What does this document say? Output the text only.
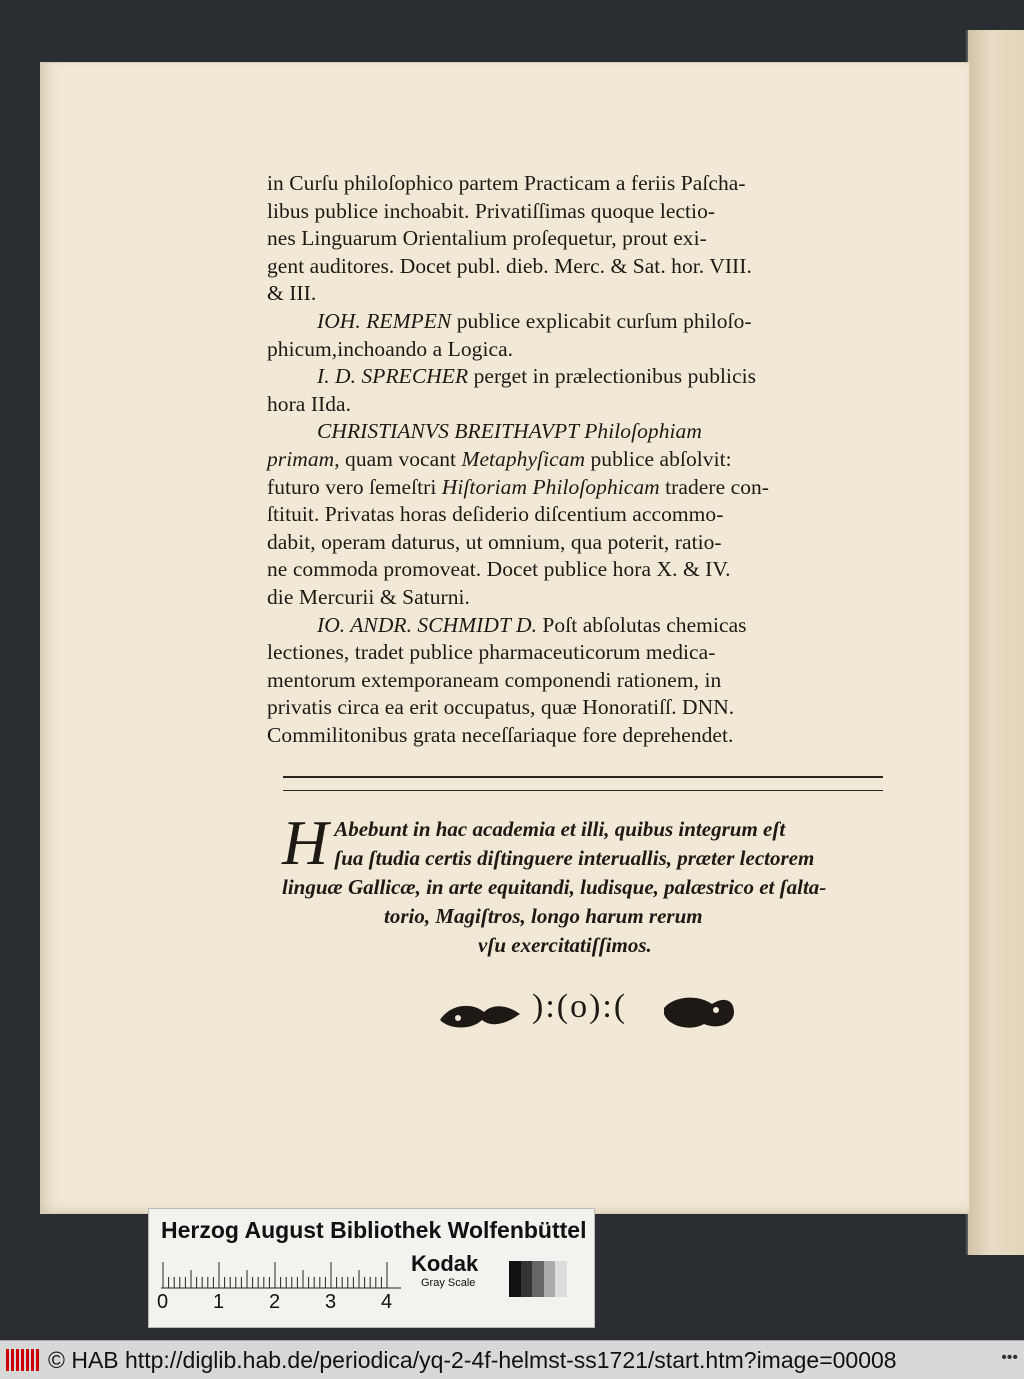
in Curſu philoſophico partem Practicam a feriis Paſcha-
libus publice inchoabit. Privatiſſimas quoque lectio-
nes Linguarum Orientalium proſequetur, prout exi-
gent auditores. Docet publ. dieb. Merc. & Sat. hor. VIII.
& III.

IOH. REMPEN publice explicabit curſum philoſo-
phicum,inchoando a Logica.

I. D. SPRECHER perget in prælectionibus publicis
hora IIda.

CHRISTIANVS BREITHAVPT Philoſophiam
primam, quam vocant Metaphyſicam publice abſolvit:
futuro vero ſemeſtri Hiſtoriam Philoſophicam tradere con-
ſtituit. Privatas horas deſiderio diſcentium accommo-
dabit, operam daturus, ut omnium, qua poterit, ratio-
ne commoda promoveat. Docet publice hora X. & IV.
die Mercurii & Saturni.

IO. ANDR. SCHMIDT D. Poſt abſolutas chemicas
lectiones, tradet publice pharmaceuticorum medica-
mentorum extemporaneam componendi rationem, in
privatis circa ea erit occupatus, quæ Honoratiſſ. DNN.
Commilitonibus grata neceſſariaque fore deprehendet.

H Abebunt in hac academia et illi, quibus integrum eſt
ſua ſtudia certis diſtinguere interuallis, præter lectorem
linguæ Gallicæ, in arte equitandi, ludisque, palæstrico et ſalta-
torio, Magiſtros, longo harum rerum
vſu exercitatiſſimos.
):(o):(
Herzog August Bibliothek Wolfenbüttel
0 1 2 3 4
Kodak
Gray Scale
© HAB http://diglib.hab.de/periodica/yq-2-4f-helmst-ss1721/start.htm?image=00008	•••
